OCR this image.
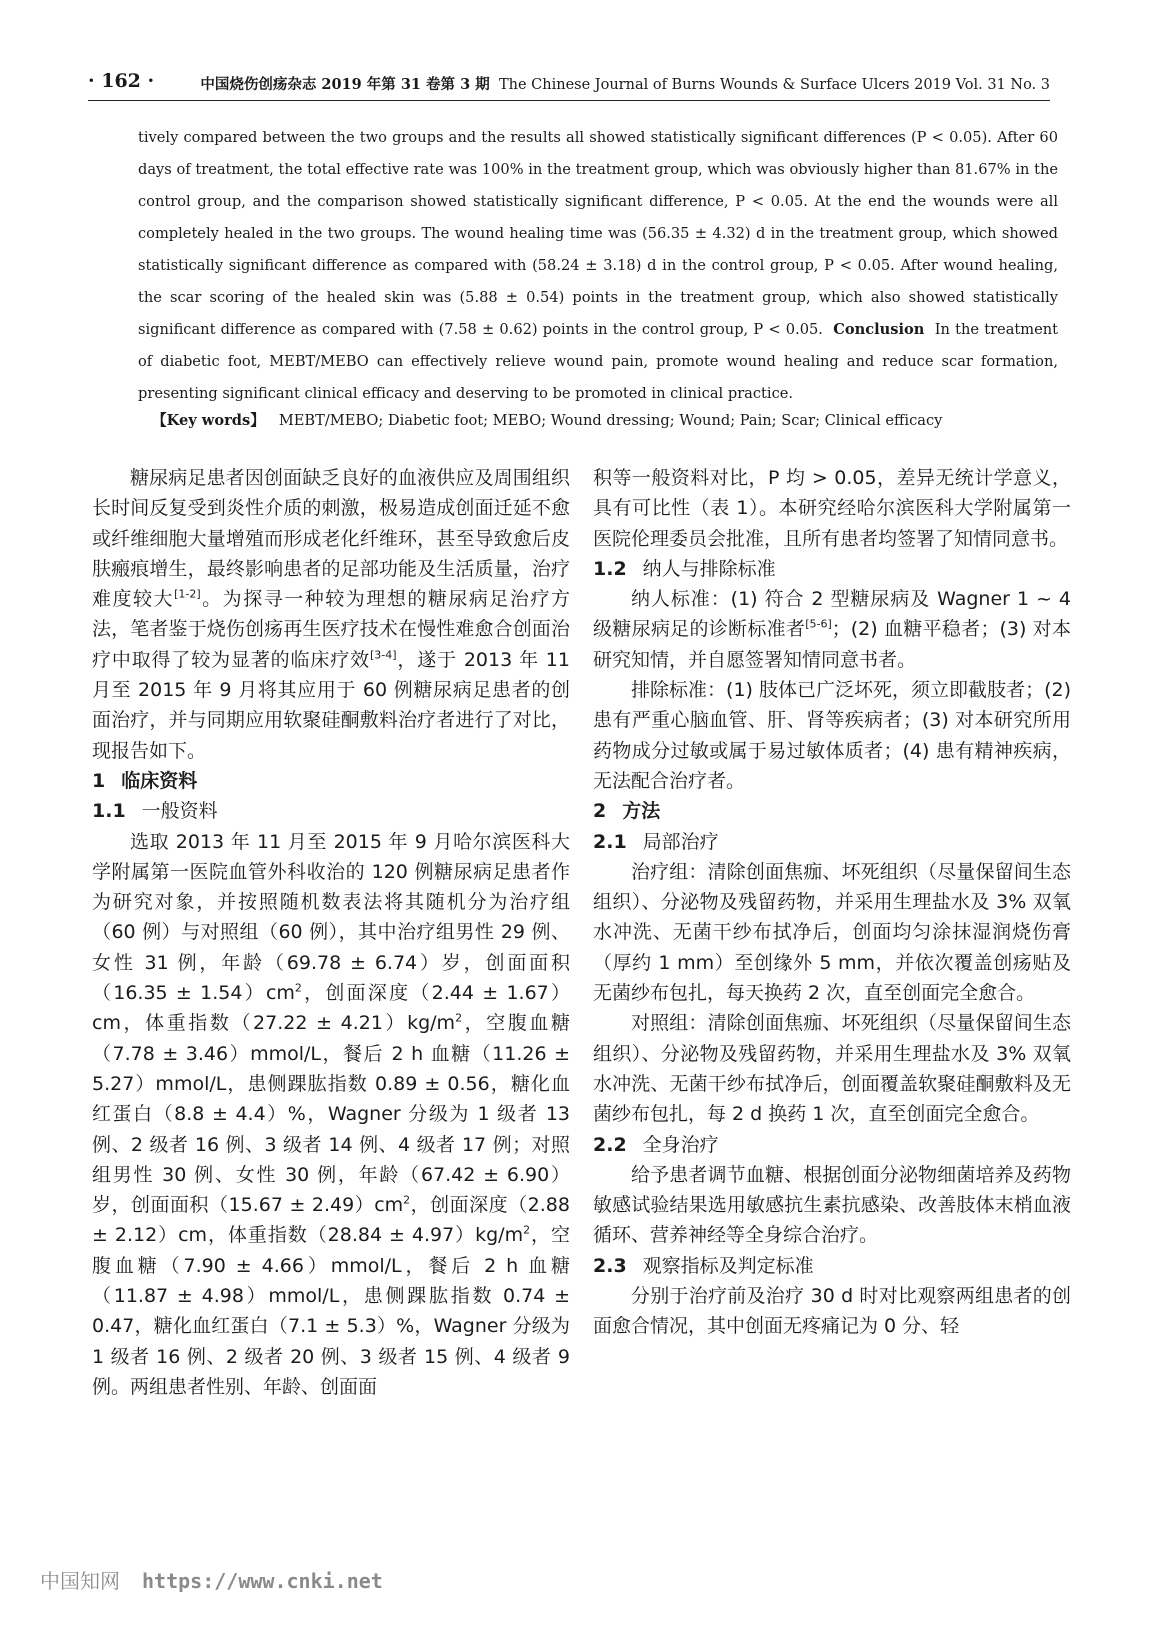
· 162 ·	中国烧伤创疡杂志 2019 年第 31 卷第 3 期 The Chinese Journal of Burns Wounds & Surface Ulcers 2019 Vol. 31 No. 3

tively compared between the two groups and the results all showed statistically significant differences (P < 0.05). After 60 days of treatment, the total effective rate was 100% in the treatment group, which was obviously higher than 81.67% in the control group, and the comparison showed statistically significant difference, P < 0.05. At the end the wounds were all completely healed in the two groups. The wound healing time was (56.35 ± 4.32) d in the treatment group, which showed statistically significant difference as compared with (58.24 ± 3.18) d in the control group, P < 0.05. After wound healing, the scar scoring of the healed skin was (5.88 ± 0.54) points in the treatment group, which also showed statistically significant difference as compared with (7.58 ± 0.62) points in the control group, P < 0.05. Conclusion In the treatment of diabetic foot, MEBT/MEBO can effectively relieve wound pain, promote wound healing and reduce scar formation, presenting significant clinical efficacy and deserving to be promoted in clinical practice.

【Key words】 MEBT/MEBO; Diabetic foot; MEBO; Wound dressing; Wound; Pain; Scar; Clinical efficacy

糖尿病足患者因创面缺乏良好的血液供应及周围组织长时间反复受到炎性介质的刺激，极易造成创面迁延不愈或纤维细胞大量增殖而形成老化纤维环，甚至导致愈后皮肤瘢痕增生，最终影响患者的足部功能及生活质量，治疗难度较大[1-2]。为探寻一种较为理想的糖尿病足治疗方法，笔者鉴于烧伤创疡再生医疗技术在慢性难愈合创面治疗中取得了较为显著的临床疗效[3-4]，遂于 2013 年 11 月至 2015 年 9 月将其应用于 60 例糖尿病足患者的创面治疗，并与同期应用软聚硅酮敷料治疗者进行了对比，现报告如下。

1 临床资料

1.1 一般资料

选取 2013 年 11 月至 2015 年 9 月哈尔滨医科大学附属第一医院血管外科收治的 120 例糖尿病足患者作为研究对象，并按照随机数表法将其随机分为治疗组（60 例）与对照组（60 例），其中治疗组男性 29 例、女性 31 例，年龄（69.78 ± 6.74）岁，创面面积$(16.35 \pm 1.54)cm^2$，创面深度（2.44 ± 1.67）cm，体重指数$(27.22 \pm 4.21)kg/m^2$，空腹血糖（7.78 ± 3.46）mmol/L，餐后 2 h 血糖（11.26 ± 5.27）mmol/L，患侧踝肱指数 0.89 ± 0.56，糖化血红蛋白（8.8 ± 4.4）%，Wagner 分级为 1 级者 13 例、2 级者 16 例、3 级者 14 例、4 级者 17 例；对照组男性 30 例、女性 30 例，年龄（67.42 ± 6.90）岁，创面面积$(15.67 \pm 2.49)cm^2$，创面深度（2.88 ± 2.12）cm，体重指数$(28.84 \pm 4.97)kg/m^2$，空腹血糖（7.90 ± 4.66）mmol/L，餐后 2 h 血糖（11.87 ± 4.98）mmol/L，患侧踝肱指数 0.74 ± 0.47，糖化血红蛋白（7.1 ± 5.3）%，Wagner 分级为 1 级者 16 例、2 级者 20 例、3 级者 15 例、4 级者 9 例。两组患者性别、年龄、创面面

积等一般资料对比，P 均 > 0.05，差异无统计学意义，具有可比性（表 1）。本研究经哈尔滨医科大学附属第一医院伦理委员会批准，且所有患者均签署了知情同意书。

1.2 纳人与排除标准

纳人标准：(1) 符合 2 型糖尿病及 Wagner 1 ~ 4 级糖尿病足的诊断标准者[5-6]；(2) 血糖平稳者；(3) 对本研究知情，并自愿签署知情同意书者。

排除标准：(1) 肢体已广泛坏死，须立即截肢者；(2) 患有严重心脑血管、肝、肾等疾病者；(3) 对本研究所用药物成分过敏或属于易过敏体质者；(4) 患有精神疾病，无法配合治疗者。

2 方法

2.1 局部治疗

治疗组：清除创面焦痂、坏死组织（尽量保留间生态组织）、分泌物及残留药物，并采用生理盐水及 3% 双氧水冲洗、无菌干纱布拭净后，创面均匀涂抹湿润烧伤膏（厚约 1 mm）至创缘外 5 mm，并依次覆盖创疡贴及无菌纱布包扎，每天换药 2 次，直至创面完全愈合。

对照组：清除创面焦痂、坏死组织（尽量保留间生态组织）、分泌物及残留药物，并采用生理盐水及 3% 双氧水冲洗、无菌干纱布拭净后，创面覆盖软聚硅酮敷料及无菌纱布包扎，每 2 d 换药 1 次，直至创面完全愈合。

2.2 全身治疗

给予患者调节血糖、根据创面分泌物细菌培养及药物敏感试验结果选用敏感抗生素抗感染、改善肢体末梢血液循环、营养神经等全身综合治疗。

2.3 观察指标及判定标准

分别于治疗前及治疗 30 d 时对比观察两组患者的创面愈合情况，其中创面无疼痛记为 0 分、轻

中国知网 https://www.cnki.net
